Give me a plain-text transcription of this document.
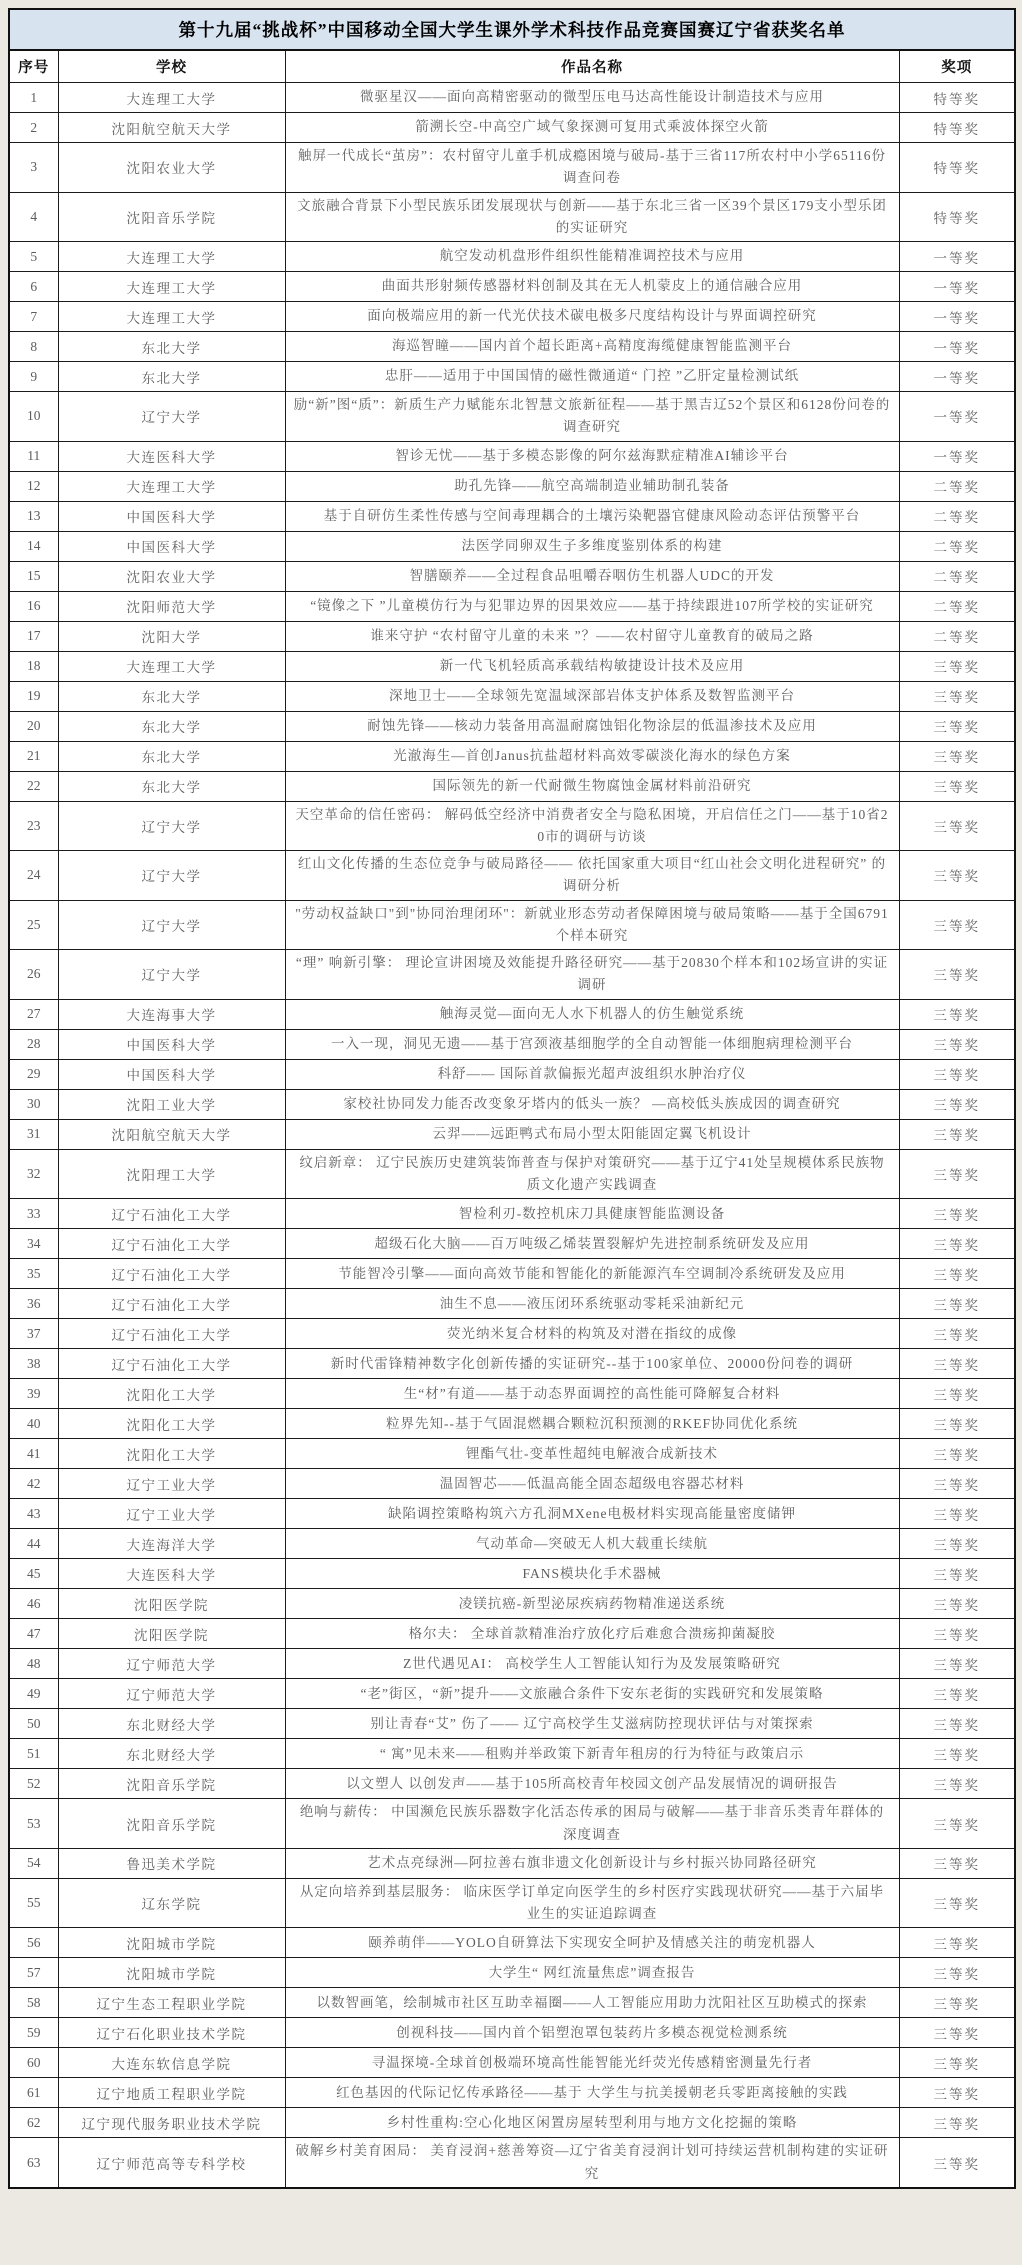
第十九届“挑战杯”中国移动全国大学生课外学术科技作品竞赛国赛辽宁省获奖名单			
序号	学校	作品名称	奖项
1	大连理工大学	微驱星汉——面向高精密驱动的微型压电马达高性能设计制造技术与应用	特等奖
2	沈阳航空航天大学	箭溯长空-中高空广域气象探测可复用式乘波体探空火箭	特等奖
3	沈阳农业大学	触屏一代成长“茧房”：农村留守儿童手机成瘾困境与破局-基于三省117所农村中小学65116份调查问卷	特等奖
4	沈阳音乐学院	文旅融合背景下小型民族乐团发展现状与创新——基于东北三省一区39个景区179支小型乐团的实证研究	特等奖
5	大连理工大学	航空发动机盘形件组织性能精准调控技术与应用	一等奖
6	大连理工大学	曲面共形射频传感器材料创制及其在无人机蒙皮上的通信融合应用	一等奖
7	大连理工大学	面向极端应用的新一代光伏技术碳电极多尺度结构设计与界面调控研究	一等奖
8	东北大学	海巡智瞳——国内首个超长距离+高精度海缆健康智能监测平台	一等奖
9	东北大学	忠肝——适用于中国国情的磁性微通道“ 门控 ”乙肝定量检测试纸	一等奖
10	辽宁大学	励“新”图“质”：新质生产力赋能东北智慧文旅新征程——基于黑吉辽52个景区和6128份问卷的调查研究	一等奖
11	大连医科大学	智诊无忧——基于多模态影像的阿尔兹海默症精准AI辅诊平台	一等奖
12	大连理工大学	助孔先锋——航空高端制造业辅助制孔装备	二等奖
13	中国医科大学	基于自研仿生柔性传感与空间毒理耦合的土壤污染靶器官健康风险动态评估预警平台	二等奖
14	中国医科大学	法医学同卵双生子多维度鉴别体系的构建	二等奖
15	沈阳农业大学	智膳颐养——全过程食品咀嚼吞咽仿生机器人UDC的开发	二等奖
16	沈阳师范大学	“镜像之下 ”儿童模仿行为与犯罪边界的因果效应——基于持续跟进107所学校的实证研究	二等奖
17	沈阳大学	谁来守护 “农村留守儿童的未来 ”？——农村留守儿童教育的破局之路	二等奖
18	大连理工大学	新一代飞机轻质高承载结构敏捷设计技术及应用	三等奖
19	东北大学	深地卫士——全球领先宽温域深部岩体支护体系及数智监测平台	三等奖
20	东北大学	耐蚀先锋——核动力装备用高温耐腐蚀铝化物涂层的低温渗技术及应用	三等奖
21	东北大学	光澈海生—首创Janus抗盐超材料高效零碳淡化海水的绿色方案	三等奖
22	东北大学	国际领先的新一代耐微生物腐蚀金属材料前沿研究	三等奖
23	辽宁大学	天空革命的信任密码： 解码低空经济中消费者安全与隐私困境，开启信任之门——基于10省20市的调研与访谈	三等奖
24	辽宁大学	红山文化传播的生态位竞争与破局路径—— 依托国家重大项目“红山社会文明化进程研究” 的调研分析	三等奖
25	辽宁大学	"劳动权益缺口"到"协同治理闭环"：新就业形态劳动者保障困境与破局策略——基于全国6791个样本研究	三等奖
26	辽宁大学	“理” 响新引擎： 理论宣讲困境及效能提升路径研究——基于20830个样本和102场宣讲的实证调研	三等奖
27	大连海事大学	触海灵觉—面向无人水下机器人的仿生触觉系统	三等奖
28	中国医科大学	一入一现，洞见无遗——基于宫颈液基细胞学的全自动智能一体细胞病理检测平台	三等奖
29	中国医科大学	科舒—— 国际首款偏振光超声波组织水肿治疗仪	三等奖
30	沈阳工业大学	家校社协同发力能否改变象牙塔内的低头一族？ —高校低头族成因的调查研究	三等奖
31	沈阳航空航天大学	云羿——远距鸭式布局小型太阳能固定翼飞机设计	三等奖
32	沈阳理工大学	纹启新章： 辽宁民族历史建筑装饰普查与保护对策研究——基于辽宁41处呈规模体系民族物质文化遗产实践调查	三等奖
33	辽宁石油化工大学	智检利刃-数控机床刀具健康智能监测设备	三等奖
34	辽宁石油化工大学	超级石化大脑——百万吨级乙烯装置裂解炉先进控制系统研发及应用	三等奖
35	辽宁石油化工大学	节能智冷引擎——面向高效节能和智能化的新能源汽车空调制冷系统研发及应用	三等奖
36	辽宁石油化工大学	油生不息——液压闭环系统驱动零耗采油新纪元	三等奖
37	辽宁石油化工大学	荧光纳米复合材料的构筑及对潜在指纹的成像	三等奖
38	辽宁石油化工大学	新时代雷锋精神数字化创新传播的实证研究--基于100家单位、20000份问卷的调研	三等奖
39	沈阳化工大学	生“材”有道——基于动态界面调控的高性能可降解复合材料	三等奖
40	沈阳化工大学	粒界先知--基于气固混燃耦合颗粒沉积预测的RKEF协同优化系统	三等奖
41	沈阳化工大学	锂酯气壮-变革性超纯电解液合成新技术	三等奖
42	辽宁工业大学	温固智芯——低温高能全固态超级电容器芯材料	三等奖
43	辽宁工业大学	缺陷调控策略构筑六方孔洞MXene电极材料实现高能量密度储钾	三等奖
44	大连海洋大学	气动革命—突破无人机大载重长续航	三等奖
45	大连医科大学	FANS模块化手术器械	三等奖
46	沈阳医学院	凌镁抗癌-新型泌尿疾病药物精准递送系统	三等奖
47	沈阳医学院	格尔夫： 全球首款精准治疗放化疗后难愈合溃疡抑菌凝胶	三等奖
48	辽宁师范大学	Z世代遇见AI： 高校学生人工智能认知行为及发展策略研究	三等奖
49	辽宁师范大学	“老”街区，“新”提升——文旅融合条件下安东老街的实践研究和发展策略	三等奖
50	东北财经大学	别让青春“艾” 伤了—— 辽宁高校学生艾滋病防控现状评估与对策探索	三等奖
51	东北财经大学	“ 寓”见未来——租购并举政策下新青年租房的行为特征与政策启示	三等奖
52	沈阳音乐学院	以文塑人 以创发声——基于105所高校青年校园文创产品发展情况的调研报告	三等奖
53	沈阳音乐学院	绝响与薪传： 中国濒危民族乐器数字化活态传承的困局与破解——基于非音乐类青年群体的深度调查	三等奖
54	鲁迅美术学院	艺术点亮绿洲—阿拉善右旗非遗文化创新设计与乡村振兴协同路径研究	三等奖
55	辽东学院	从定向培养到基层服务： 临床医学订单定向医学生的乡村医疗实践现状研究——基于六届毕业生的实证追踪调查	三等奖
56	沈阳城市学院	颐养萌伴——YOLO自研算法下实现安全呵护及情感关注的萌宠机器人	三等奖
57	沈阳城市学院	大学生“ 网红流量焦虑”调查报告	三等奖
58	辽宁生态工程职业学院	以数智画笔，绘制城市社区互助幸福圈——人工智能应用助力沈阳社区互助模式的探索	三等奖
59	辽宁石化职业技术学院	创视科技——国内首个铝塑泡罩包装药片多模态视觉检测系统	三等奖
60	大连东软信息学院	寻温探境-全球首创极端环境高性能智能光纤荧光传感精密测量先行者	三等奖
61	辽宁地质工程职业学院	红色基因的代际记忆传承路径——基于 大学生与抗美援朝老兵零距离接触的实践	三等奖
62	辽宁现代服务职业技术学院	乡村性重构:空心化地区闲置房屋转型利用与地方文化挖掘的策略	三等奖
63	辽宁师范高等专科学校	破解乡村美育困局： 美育浸润+慈善筹资—辽宁省美育浸润计划可持续运营机制构建的实证研究	三等奖
